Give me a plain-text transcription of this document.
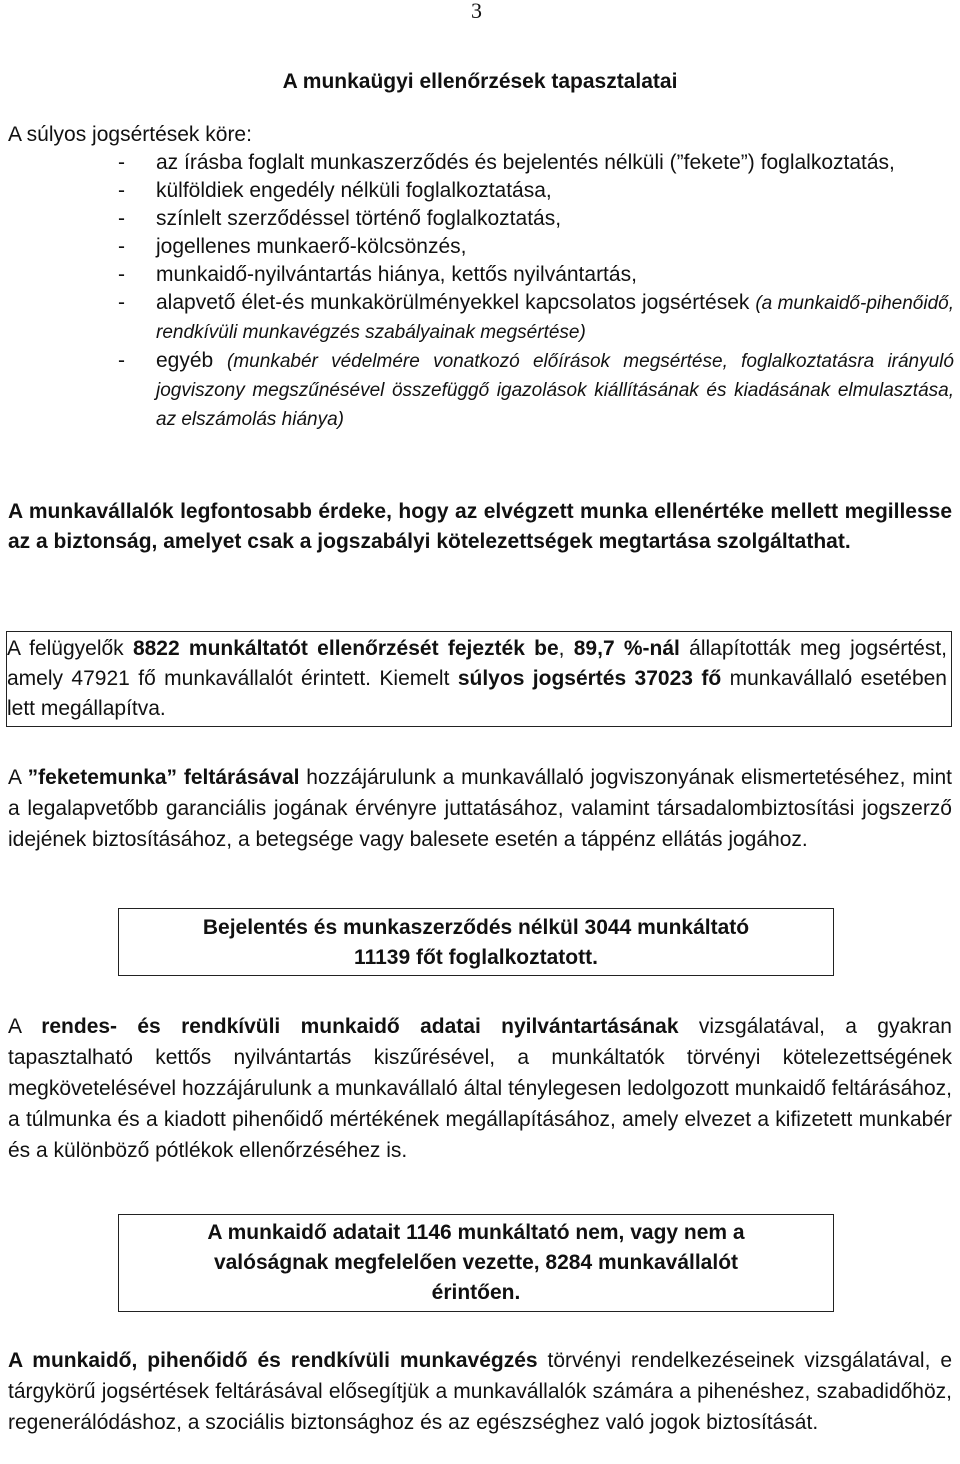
3
A munkaügyi ellenőrzések tapasztalatai
A súlyos jogsértések köre:
-	az írásba foglalt munkaszerződés és bejelentés nélküli (”fekete”) foglalkoztatás,
-	külföldiek engedély nélküli foglalkoztatása,
-	színlelt szerződéssel történő foglalkoztatás,
-	jogellenes munkaerő-kölcsönzés,
-	munkaidő-nyilvántartás hiánya, kettős nyilvántartás,
-	alapvető élet-és munkakörülményekkel kapcsolatos jogsértések (a munkaidő-pihenőidő, rendkívüli munkavégzés szabályainak megsértése)
-	egyéb (munkabér védelmére vonatkozó előírások megsértése, foglalkoztatásra irányuló jogviszony megszűnésével összefüggő igazolások kiállításának és kiadásának elmulasztása, az elszámolás hiánya)
A munkavállalók legfontosabb érdeke, hogy az elvégzett munka ellenértéke mellett megillesse az a biztonság, amelyet csak a jogszabályi kötelezettségek megtartása szolgáltathat.
A felügyelők 8822 munkáltatót ellenőrzését fejezték be, 89,7 %-nál állapították meg jogsértést, amely 47921 fő munkavállalót érintett. Kiemelt súlyos jogsértés 37023 fő munkavállaló esetében lett megállapítva.
A ”feketemunka” feltárásával hozzájárulunk a munkavállaló jogviszonyának elismertetéséhez, mint a legalapvetőbb garanciális jogának érvényre juttatásához, valamint társadalombiztosítási jogszerző idejének biztosításához, a betegsége vagy balesete esetén a táppénz ellátás jogához.
Bejelentés és munkaszerződés nélkül 3044 munkáltató
11139 főt foglalkoztatott.
A rendes- és rendkívüli munkaidő adatai nyilvántartásának vizsgálatával, a gyakran tapasztalható kettős nyilvántartás kiszűrésével, a munkáltatók törvényi kötelezettségének megkövetelésével hozzájárulunk a munkavállaló által ténylegesen ledolgozott munkaidő feltárásához, a túlmunka és a kiadott pihenőidő mértékének megállapításához, amely elvezet a kifizetett munkabér és a különböző pótlékok ellenőrzéséhez is.
A munkaidő adatait 1146 munkáltató nem, vagy nem a
valóságnak megfelelően vezette, 8284 munkavállalót
érintően.
A munkaidő, pihenőidő és rendkívüli munkavégzés törvényi rendelkezéseinek vizsgálatával, e tárgykörű jogsértések feltárásával elősegítjük a munkavállalók számára a pihenéshez, szabadidőhöz, regenerálódáshoz, a szociális biztonsághoz és az egészséghez való jogok biztosítását.
